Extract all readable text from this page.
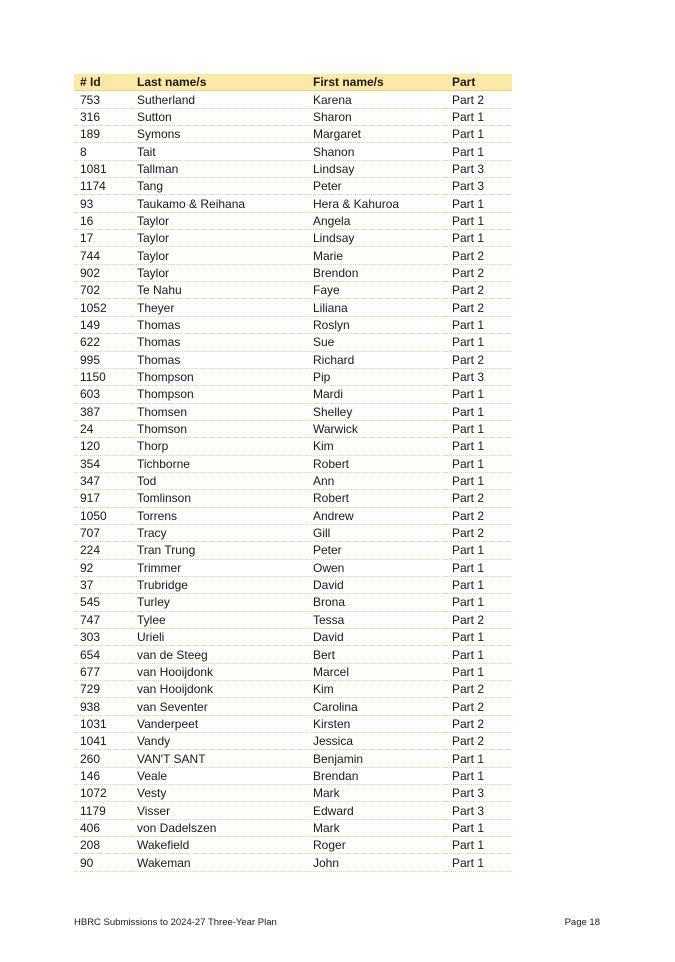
# Id	Last name/s	First name/s	Part
753	Sutherland	Karena	Part 2
316	Sutton	Sharon	Part 1
189	Symons	Margaret	Part 1
8	Tait	Shanon	Part 1
1081	Tallman	Lindsay	Part 3
1174	Tang	Peter	Part 3
93	Taukamo & Reihana	Hera & Kahuroa	Part 1
16	Taylor	Angela	Part 1
17	Taylor	Lindsay	Part 1
744	Taylor	Marie	Part 2
902	Taylor	Brendon	Part 2
702	Te Nahu	Faye	Part 2
1052	Theyer	Liliana	Part 2
149	Thomas	Roslyn	Part 1
622	Thomas	Sue	Part 1
995	Thomas	Richard	Part 2
1150	Thompson	Pip	Part 3
603	Thompson	Mardi	Part 1
387	Thomsen	Shelley	Part 1
24	Thomson	Warwick	Part 1
120	Thorp	Kim	Part 1
354	Tichborne	Robert	Part 1
347	Tod	Ann	Part 1
917	Tomlinson	Robert	Part 2
1050	Torrens	Andrew	Part 2
707	Tracy	Gill	Part 2
224	Tran Trung	Peter	Part 1
92	Trimmer	Owen	Part 1
37	Trubridge	David	Part 1
545	Turley	Brona	Part 1
747	Tylee	Tessa	Part 2
303	Urieli	David	Part 1
654	van de Steeg	Bert	Part 1
677	van Hooijdonk	Marcel	Part 1
729	van Hooijdonk	Kim	Part 2
938	van Seventer	Carolina	Part 2
1031	Vanderpeet	Kirsten	Part 2
1041	Vandy	Jessica	Part 2
260	VAN'T SANT	Benjamin	Part 1
146	Veale	Brendan	Part 1
1072	Vesty	Mark	Part 3
1179	Visser	Edward	Part 3
406	von Dadelszen	Mark	Part 1
208	Wakefield	Roger	Part 1
90	Wakeman	John	Part 1
HBRC Submissions to 2024-27 Three-Year Plan	Page 18
